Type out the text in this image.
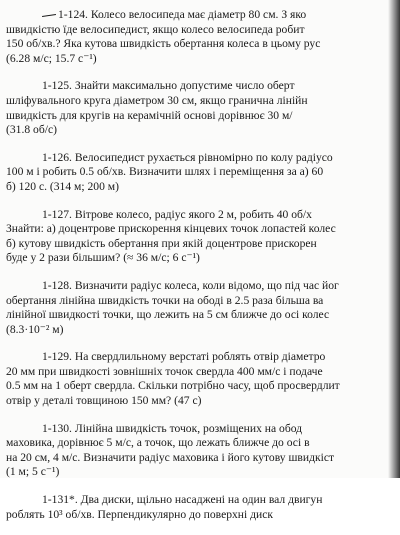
1-124. Колесо велосипеда має діаметр 80 см. З яко
швидкістю їде велосипедист, якщо колесо велосипеда робит
150 об/хв.? Яка кутова швидкість обертання колеса в цьому рус
(6.28 м/с; 15.7 с⁻¹)
1-125. Знайти максимально допустиме число оберт
шліфувального круга діаметром 30 см, якщо гранична лінійн
швидкість для кругів на керамічній основі дорівнює 30 м/
(31.8 об/с)
1-126. Велосипедист рухається рівномірно по колу радіусо
100 м і робить 0.5 об/хв. Визначити шлях і переміщення за а) 60
б) 120 с. (314 м; 200 м)
1-127. Вітрове колесо, радіус якого 2 м, робить 40 об/х
Знайти: а) доцентрове прискорення кінцевих точок лопастей колес
б) кутову швидкість обертання при якій доцентрове прискорен
буде у 2 рази більшим? (≈ 36 м/с; 6 с⁻¹)
1-128. Визначити радіус колеса, коли відомо, що під час йог
обертання лінійна швидкість точки на ободі в 2.5 раза більша ва
лінійної швидкості точки, що лежить на 5 см ближче до осі колес
(8.3·10⁻² м)
1-129. На свердлильному верстаті роблять отвір діаметро
20 мм при швидкості зовнішніх точок свердла 400 мм/с і подаче
0.5 мм на 1 оберт свердла. Скільки потрібно часу, щоб просвердлит
отвір у деталі товщиною 150 мм? (47 с)
1-130. Лінійна швидкість точок, розміщених на обод
маховика, дорівнює 5 м/с, а точок, що лежать ближче до осі в
на 20 см, 4 м/с. Визначити радіус маховика і його кутову швидкіст
(1 м; 5 с⁻¹)
1-131*. Два диски, щільно насаджені на один вал двигун
роблять 10³ об/хв. Перпендикулярно до поверхні диск
